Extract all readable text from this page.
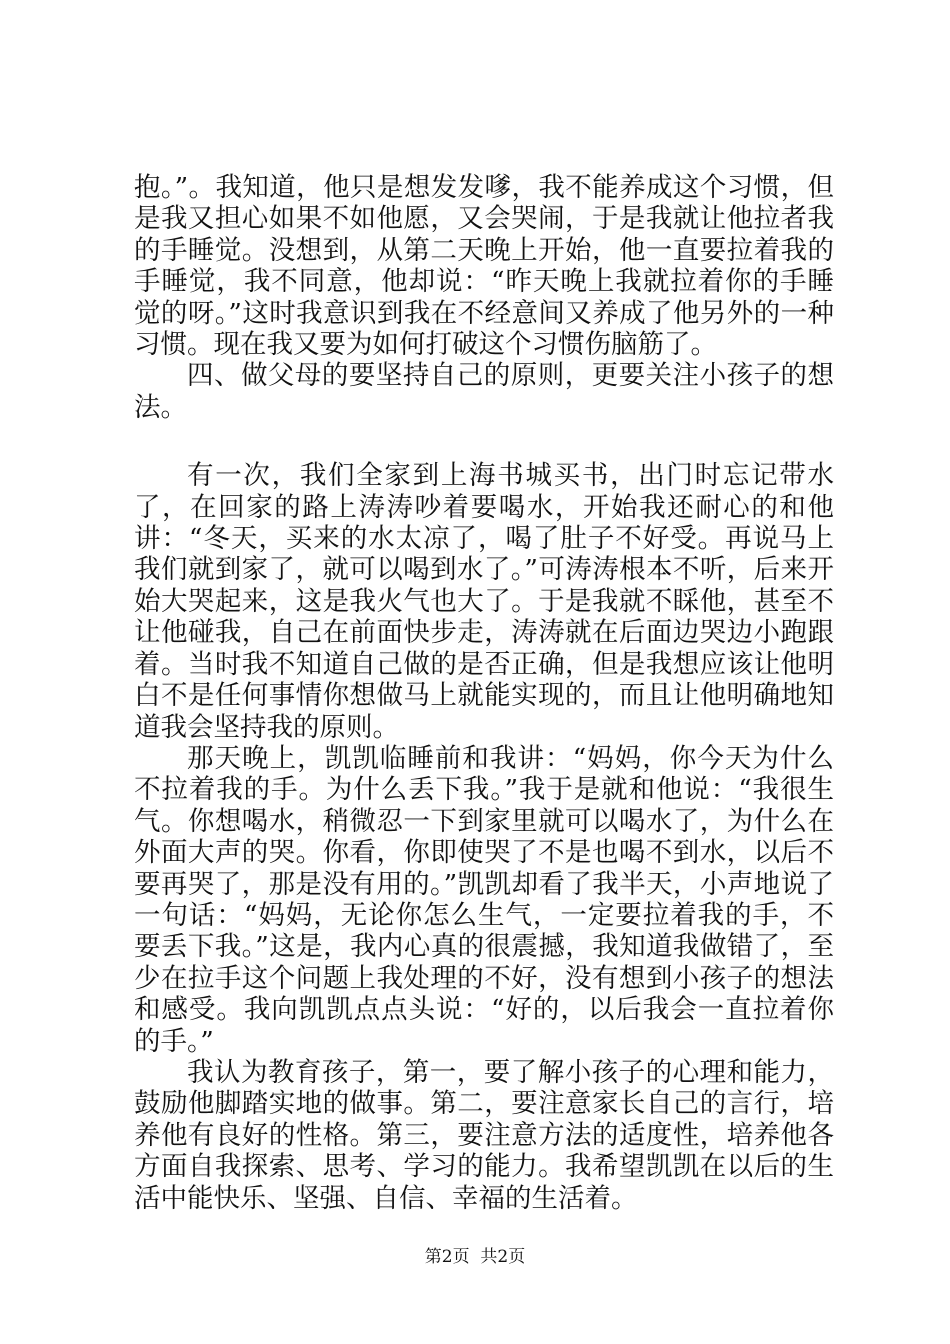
抱。”。我知道，他只是想发发嗲，我不能养成这个习惯，但是我又担心如果不如他愿，又会哭闹，于是我就让他拉者我的手睡觉。没想到，从第二天晚上开始，他一直要拉着我的手睡觉，我不同意，他却说：“昨天晚上我就拉着你的手睡觉的呀。”这时我意识到我在不经意间又养成了他另外的一种习惯。现在我又要为如何打破这个习惯伤脑筋了。

四、做父母的要坚持自己的原则，更要关注小孩子的想法。

有一次，我们全家到上海书城买书，出门时忘记带水了，在回家的路上涛涛吵着要喝水，开始我还耐心的和他讲：“冬天，买来的水太凉了，喝了肚子不好受。再说马上我们就到家了，就可以喝到水了。”可涛涛根本不听，后来开始大哭起来，这是我火气也大了。于是我就不睬他，甚至不让他碰我，自己在前面快步走，涛涛就在后面边哭边小跑跟着。当时我不知道自己做的是否正确，但是我想应该让他明白不是任何事情你想做马上就能实现的，而且让他明确地知道我会坚持我的原则。

那天晚上，凯凯临睡前和我讲：“妈妈，你今天为什么不拉着我的手。为什么丢下我。”我于是就和他说：“我很生气。你想喝水，稍微忍一下到家里就可以喝水了，为什么在外面大声的哭。你看，你即使哭了不是也喝不到水，以后不要再哭了，那是没有用的。”凯凯却看了我半天，小声地说了一句话：“妈妈，无论你怎么生气，一定要拉着我的手，不要丢下我。”这是，我内心真的很震撼，我知道我做错了，至少在拉手这个问题上我处理的不好，没有想到小孩子的想法和感受。我向凯凯点点头说：“好的，以后我会一直拉着你的手。”

我认为教育孩子，第一，要了解小孩子的心理和能力，鼓励他脚踏实地的做事。第二，要注意家长自己的言行，培养他有良好的性格。第三，要注意方法的适度性，培养他各方面自我探索、思考、学习的能力。我希望凯凯在以后的生活中能快乐、坚强、自信、幸福的生活着。

第2页  共2页
